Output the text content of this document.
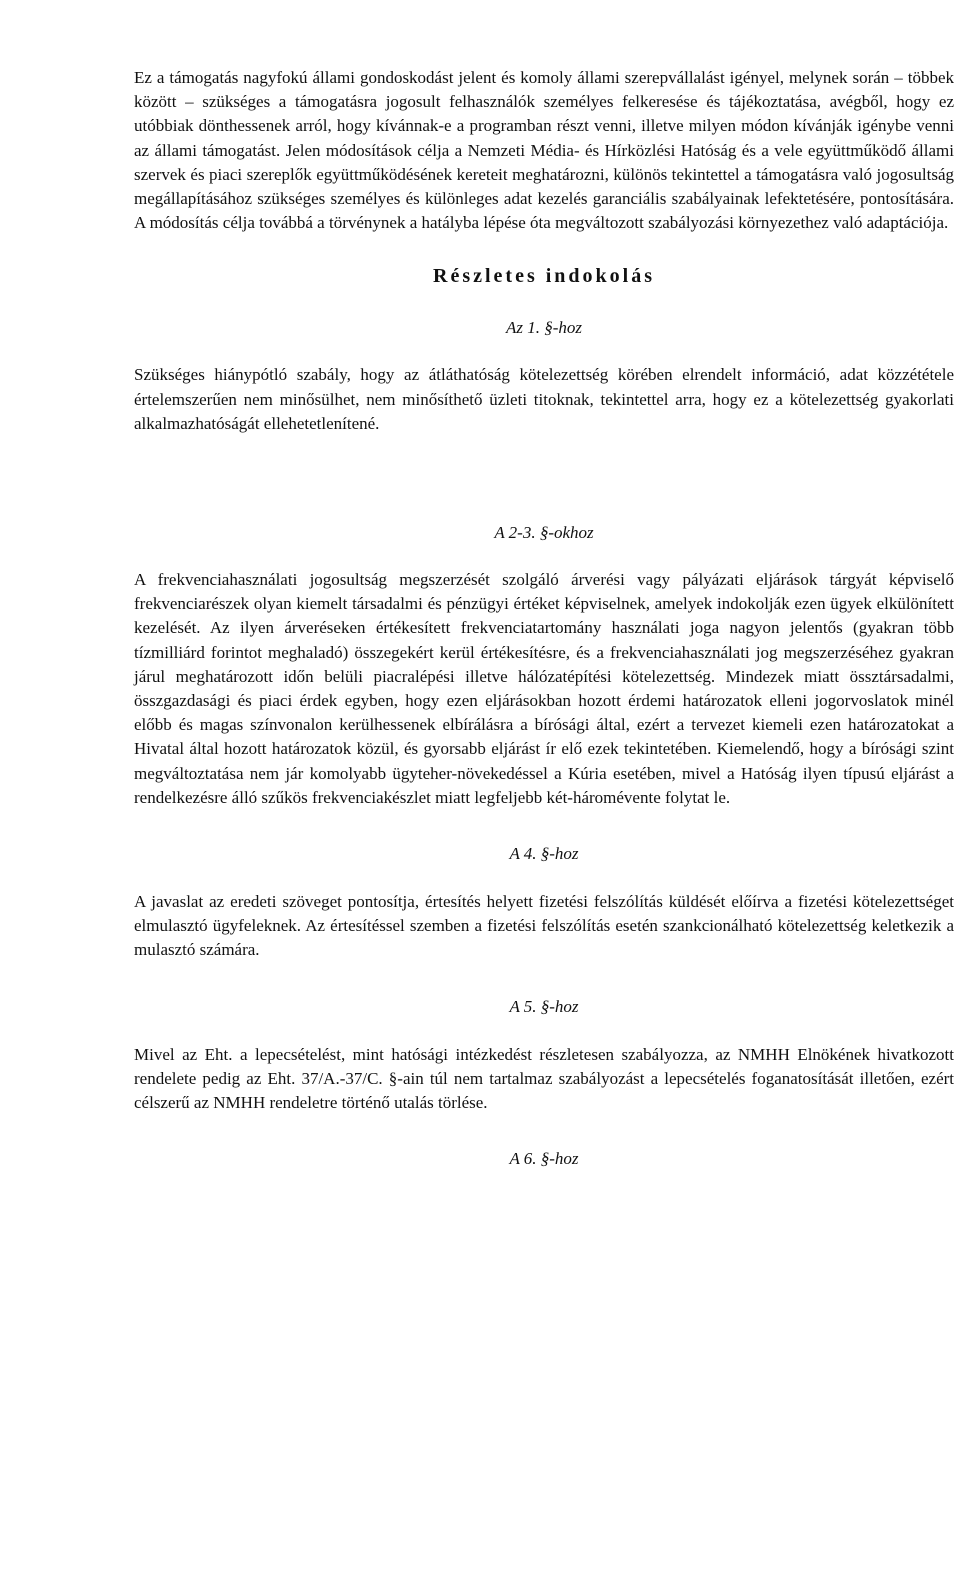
Ez a támogatás nagyfokú állami gondoskodást jelent és komoly állami szerepvállalást igényel, melynek során – többek között – szükséges a támogatásra jogosult felhasználók személyes felkeresése és tájékoztatása, avégből, hogy ez utóbbiak dönthessenek arról, hogy kívánnak-e a programban részt venni, illetve milyen módon kívánják igénybe venni az állami támogatást. Jelen módosítások célja a Nemzeti Média- és Hírközlési Hatóság és a vele együttműködő állami szervek és piaci szereplők együttműködésének kereteit meghatározni, különös tekintettel a támogatásra való jogosultság megállapításához szükséges személyes és különleges adat kezelés garanciális szabályainak lefektetésére, pontosítására. A módosítás célja továbbá a törvénynek a hatályba lépése óta megváltozott szabályozási környezethez való adaptációja.

Részletes indokolás
Az 1. §-hoz

Szükséges hiánypótló szabály, hogy az átláthatóság kötelezettség körében elrendelt információ, adat közzététele értelemszerűen nem minősülhet, nem minősíthető üzleti titoknak, tekintettel arra, hogy ez a kötelezettség gyakorlati alkalmazhatóságát ellehetetlenítené.

A 2-3. §-okhoz

A frekvenciahasználati jogosultság megszerzését szolgáló árverési vagy pályázati eljárások tárgyát képviselő frekvenciarészek olyan kiemelt társadalmi és pénzügyi értéket képviselnek, amelyek indokolják ezen ügyek elkülönített kezelését. Az ilyen árveréseken értékesített frekvenciatartomány használati joga nagyon jelentős (gyakran több tízmilliárd forintot meghaladó) összegekért kerül értékesítésre, és a frekvenciahasználati jog megszerzéséhez gyakran járul meghatározott időn belüli piacralépési illetve hálózatépítési kötelezettség. Mindezek miatt össztársadalmi, összgazdasági és piaci érdek egyben, hogy ezen eljárásokban hozott érdemi határozatok elleni jogorvoslatok minél előbb és magas színvonalon kerülhessenek elbírálásra a bírósági által, ezért a tervezet kiemeli ezen határozatokat a Hivatal által hozott határozatok közül, és gyorsabb eljárást ír elő ezek tekintetében. Kiemelendő, hogy a bírósági szint megváltoztatása nem jár komolyabb ügyteher-növekedéssel a Kúria esetében, mivel a Hatóság ilyen típusú eljárást a rendelkezésre álló szűkös frekvenciakészlet miatt legfeljebb két-háromévente folytat le.

A 4. §-hoz

A javaslat az eredeti szöveget pontosítja, értesítés helyett fizetési felszólítás küldését előírva a fizetési kötelezettséget elmulasztó ügyfeleknek. Az értesítéssel szemben a fizetési felszólítás esetén szankcionálható kötelezettség keletkezik a mulasztó számára.

A 5. §-hoz

Mivel az Eht. a lepecsételést, mint hatósági intézkedést részletesen szabályozza, az NMHH Elnökének hivatkozott rendelete pedig az Eht. 37/A.-37/C. §-ain túl nem tartalmaz szabályozást a lepecsételés foganatosítását illetően, ezért célszerű az NMHH rendeletre történő utalás törlése.

A 6. §-hoz
